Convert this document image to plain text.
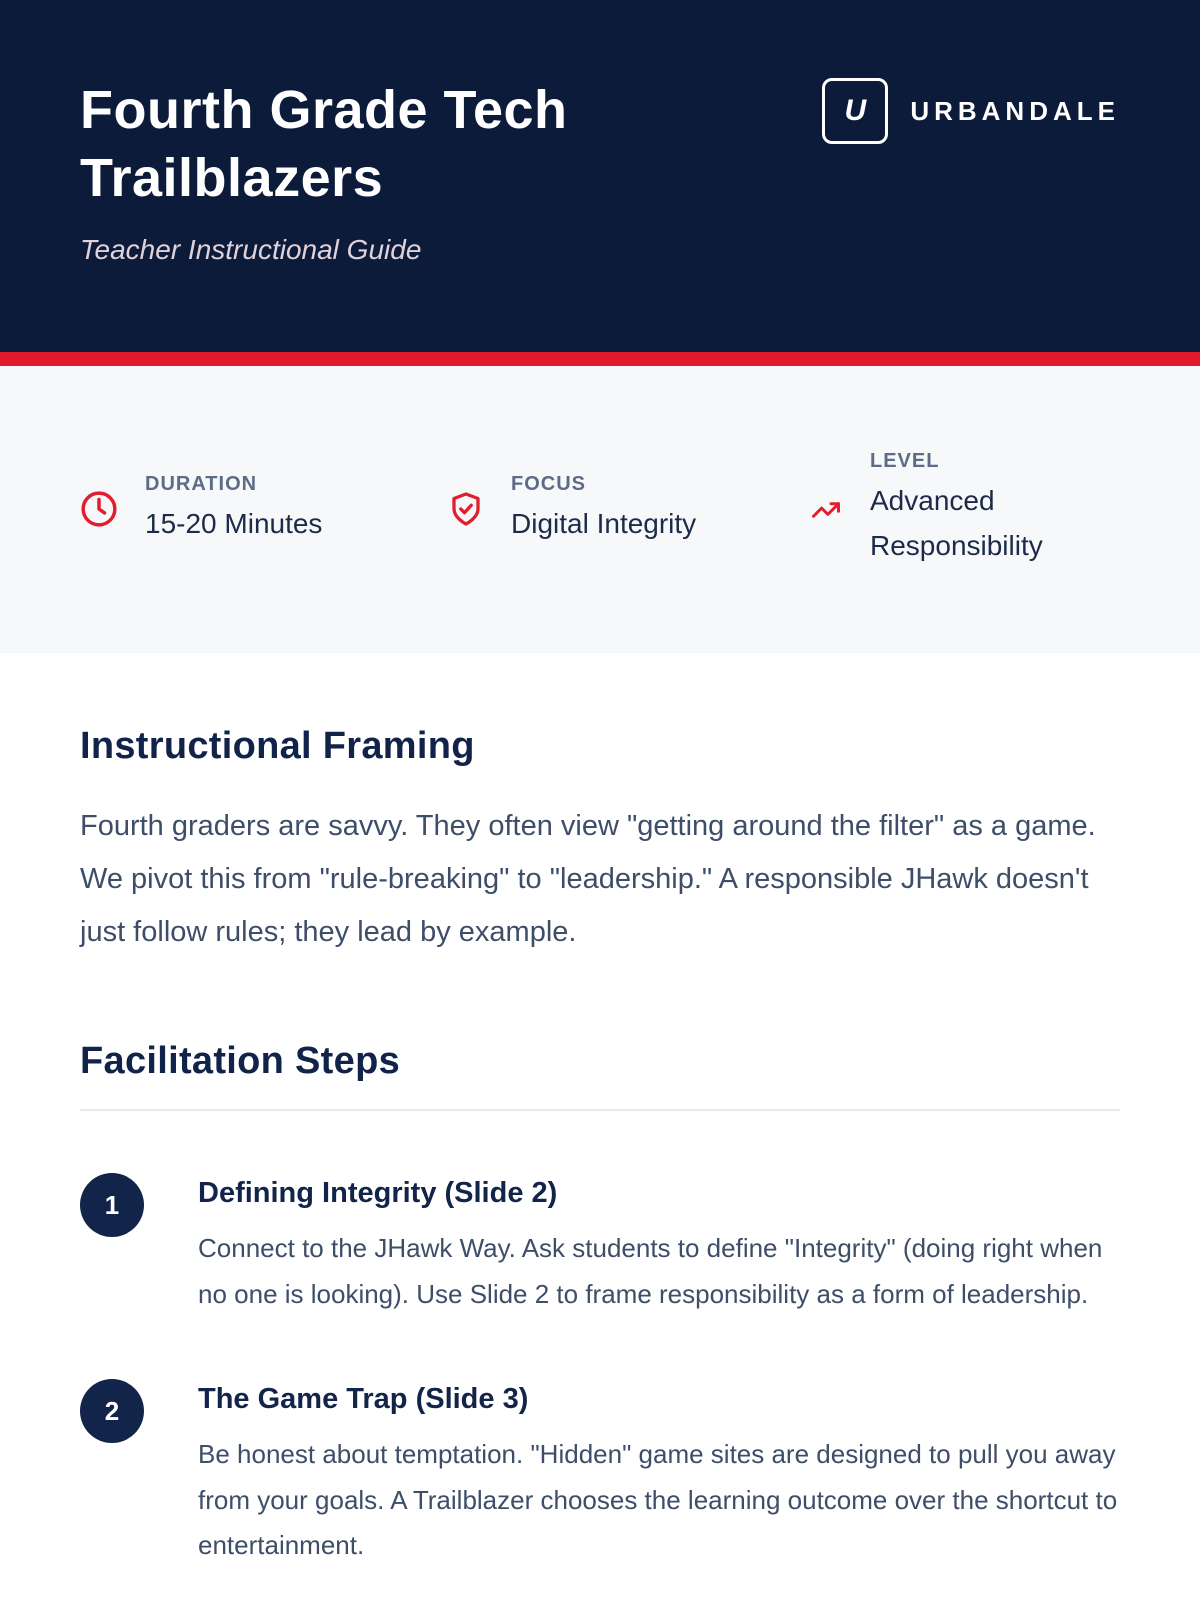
Fourth Grade Tech Trailblazers
Teacher Instructional Guide
U	URBANDALE
DURATION
15-20 Minutes
FOCUS
Digital Integrity
LEVEL
Advanced Responsibility
Instructional Framing

Fourth graders are savvy. They often view "getting around the filter" as a game. We pivot this from "rule-breaking" to "leadership." A responsible JHawk doesn't just follow rules; they lead by example.

Facilitation Steps
1	Defining Integrity (Slide 2)
Connect to the JHawk Way. Ask students to define "Integrity" (doing right when no one is looking). Use Slide 2 to frame responsibility as a form of leadership.
2	The Game Trap (Slide 3)
Be honest about temptation. "Hidden" game sites are designed to pull you away from your goals. A Trailblazer chooses the learning outcome over the shortcut to entertainment.
